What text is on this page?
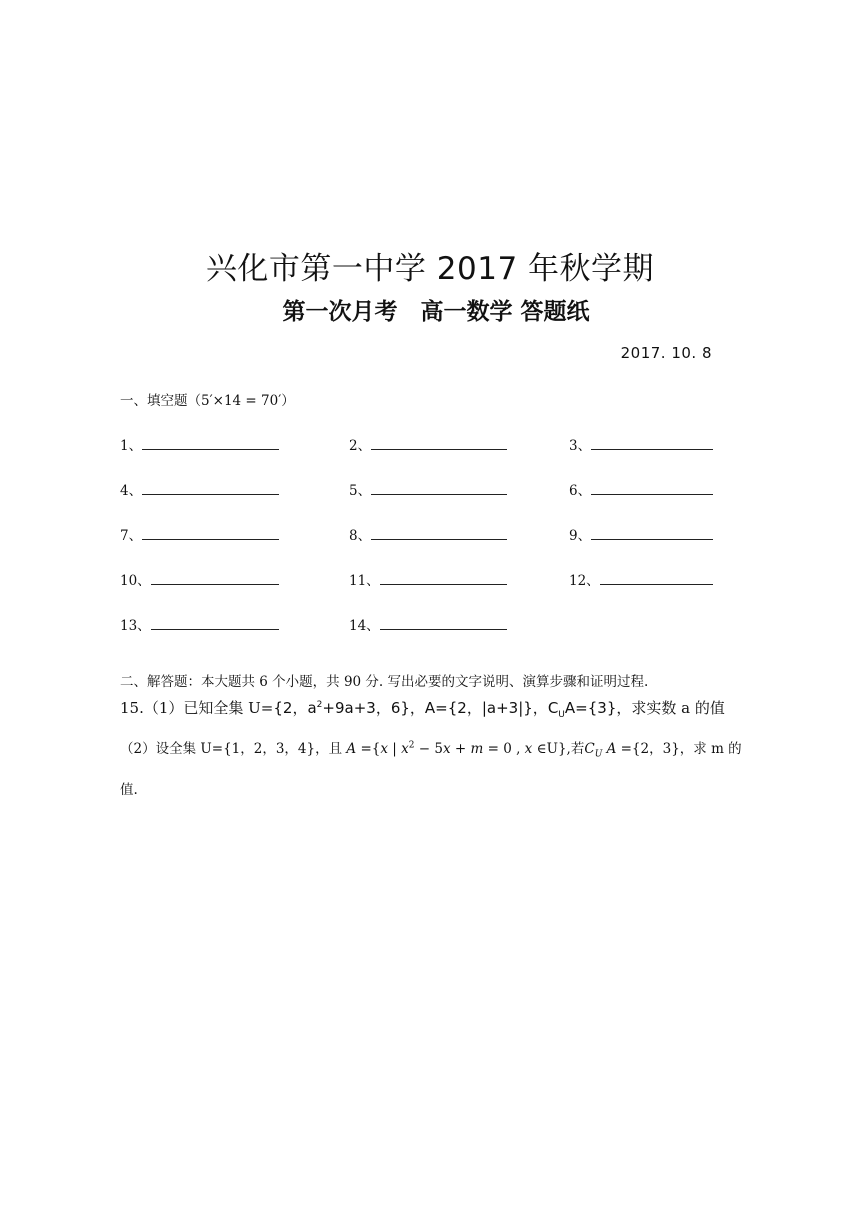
兴化市第一中学 2017 年秋学期
第一次月考　高一数学 答题纸
2017. 10. 8
一、填空题（5′×14 = 70′）
1、	2、	3、
4、	5、	6、
7、	8、	9、
10、	11、	12、
13、	14、
二、解答题：本大题共 6 个小题，共 90 分. 写出必要的文字说明、演算步骤和证明过程.
15.（1）已知全集 U={2，$a^2+9a+3$，6}，A={2，|a+3|}，$C_UA=\{3\}$，求实数 a 的值
（2）设全集 U={1，2，3，4}，且 A ={x | $x^2 - 5x + m = 0$ , x ∈U},若$C_U$ A ={2，3}，求 m 的
值.
